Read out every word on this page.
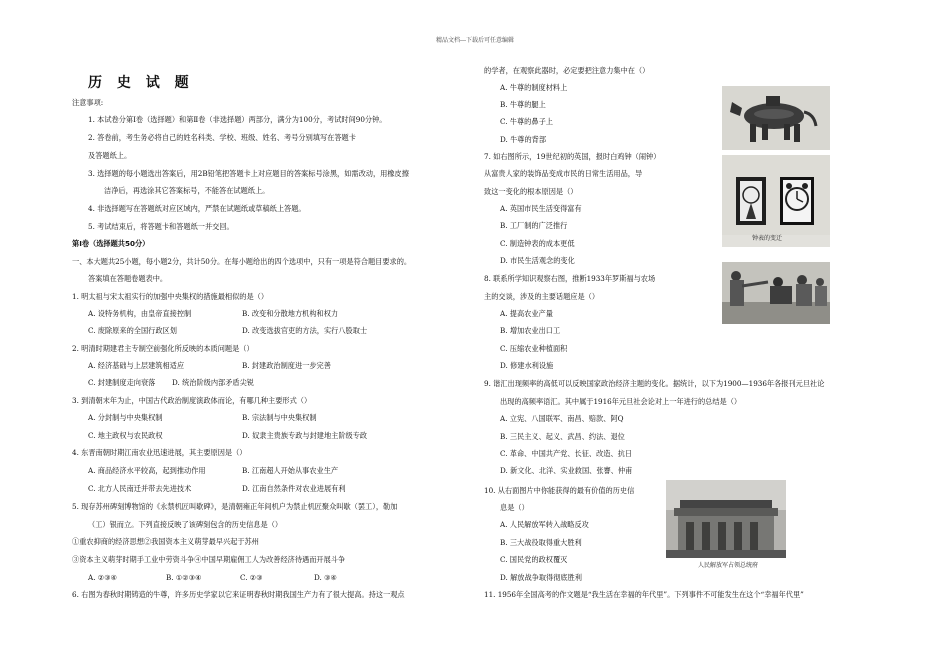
精品文档---下载后可任意编辑
历 史 试 题
注意事项:
1. 本试卷分第Ⅰ卷（选择题）和第Ⅱ卷（非选择题）两部分，满分为100分，考试时间90分钟。
2. 答卷前，考生务必将自己的姓名科类、学校、班级、姓名、考号分别填写在答题卡
及答题纸上。
3. 选择题的每小题选出答案后，用2B铅笔把答题卡上对应题目的答案标号涂黑，如需改动，用橡皮擦
洁净后，再选涂其它答案标号，不能答在试题纸上。
4. 非选择题写在答题纸对应区域内，严禁在试题纸或草稿纸上答题。
5. 考试结束后，将答题卡和答题纸一并交回。
第Ⅰ卷（选择题共50分）
一、本大题共25小题，每小题2分，共计50分。在每小题给出的四个选项中，只有一项是符合题目要求的。
答案填在答题卷题表中。
1. 明太祖与宋太祖实行的加强中央集权的措施最相似的是（）
A. 设特务机构，由皇帝直接控制	B. 改变和分散地方机构和权力
C. 废除原来的全国行政区划	D. 改变选拔官吏的方法，实行八股取士
2. 明清时期建君主专制空前强化所反映的本质问题是（）
A. 经济基础与上层建筑相适应	B. 封建政治制度进一步完善
C. 封建制度走向衰落 D. 统治阶级内部矛盾尖锐
3. 到清朝末年为止，中国古代政治制度演政体而论，有哪几种主要形式（）
A. 分封制与中央集权制	B. 宗法制与中央集权制
C. 地主政权与农民政权	D. 奴隶主贵族专政与封建地主阶级专政
4. 东晋南朝时期江南农业迅速进展，其主要原因是（）
A. 商品经济水平较高，起到推动作用	B. 江南超人开始从事农业生产
C. 北方人民南迁并带去先进技术	D. 江南自然条件对农业进展有利
5. 现存苏州碑刻博物馆的《永禁机匠叫歇碑》，是清朝雍正年间机户为禁止机匠聚众叫歇（罢工），勒加
（工）银而立。下列直接反映了该碑刻包含的历史信息是（）
①重农抑商的经济思想②我国资本主义萌芽最早兴起于苏州
③资本主义萌芽时期手工业中劳资斗争④中国早期雇佣工人为改善经济待遇而开展斗争
A. ②③④	B. ①②③④	C. ②③	D. ③④
6. 右图为春秋时期铸造的牛尊，许多历史学家以它来证明春秋时期我国生产力有了很大提高。持这一观点
的学者，在观察此器时，必定要把注意力集中在（）
A. 牛尊的制度材料上
B. 牛尊的腿上
C. 牛尊的鼻子上
D. 牛尊的背部
7. 如右图所示，19世纪初的英国，报时白鸡钟（闹钟）
从富贵人家的装饰品变成市民的日常生活用品，导
致这一变化的根本原因是（）
A. 英国市民生活变得富有
B. 工厂制的广泛推行
C. 制造钟表的成本更低
D. 市民生活观念的变化
8. 联系所学知识观察右图，推断1933年罗斯福与农场
主的交谈，涉及的主要话题应是（）
A. 提高农业产量
B. 增加农业出口工
C. 压缩农业种植面积
D. 修建水利设施
9. 谐汇出现频率的高低可以反映国家政治经济主题的变化。据统计，以下为1900—1936年各报刊元旦社论
出现的高频率语汇。其中属于1916年元旦社会论对上一年进行的总结是（）
A. 立宪、八国联军、南昌、赔款、阿Q
B. 三民主义、起义、武昌、约法、退位
C. 革命、中国共产党、长征、改造、抗日
D. 新文化、北洋、实业救国、张謇、仲甫
10. 从右面图片中你能获得的最有价值的历史信
息是（）
A. 人民解放军转入战略反攻
B. 三大战役取得重大胜利
C. 国民党的政权覆灭
D. 解放战争取得彻底胜利
11. 1956年全国高考的作文题是“我生活在幸福的年代里”。下列事件不可能发生在这个“幸福年代里”
钟表的变迁
人民解放军占领总统府
